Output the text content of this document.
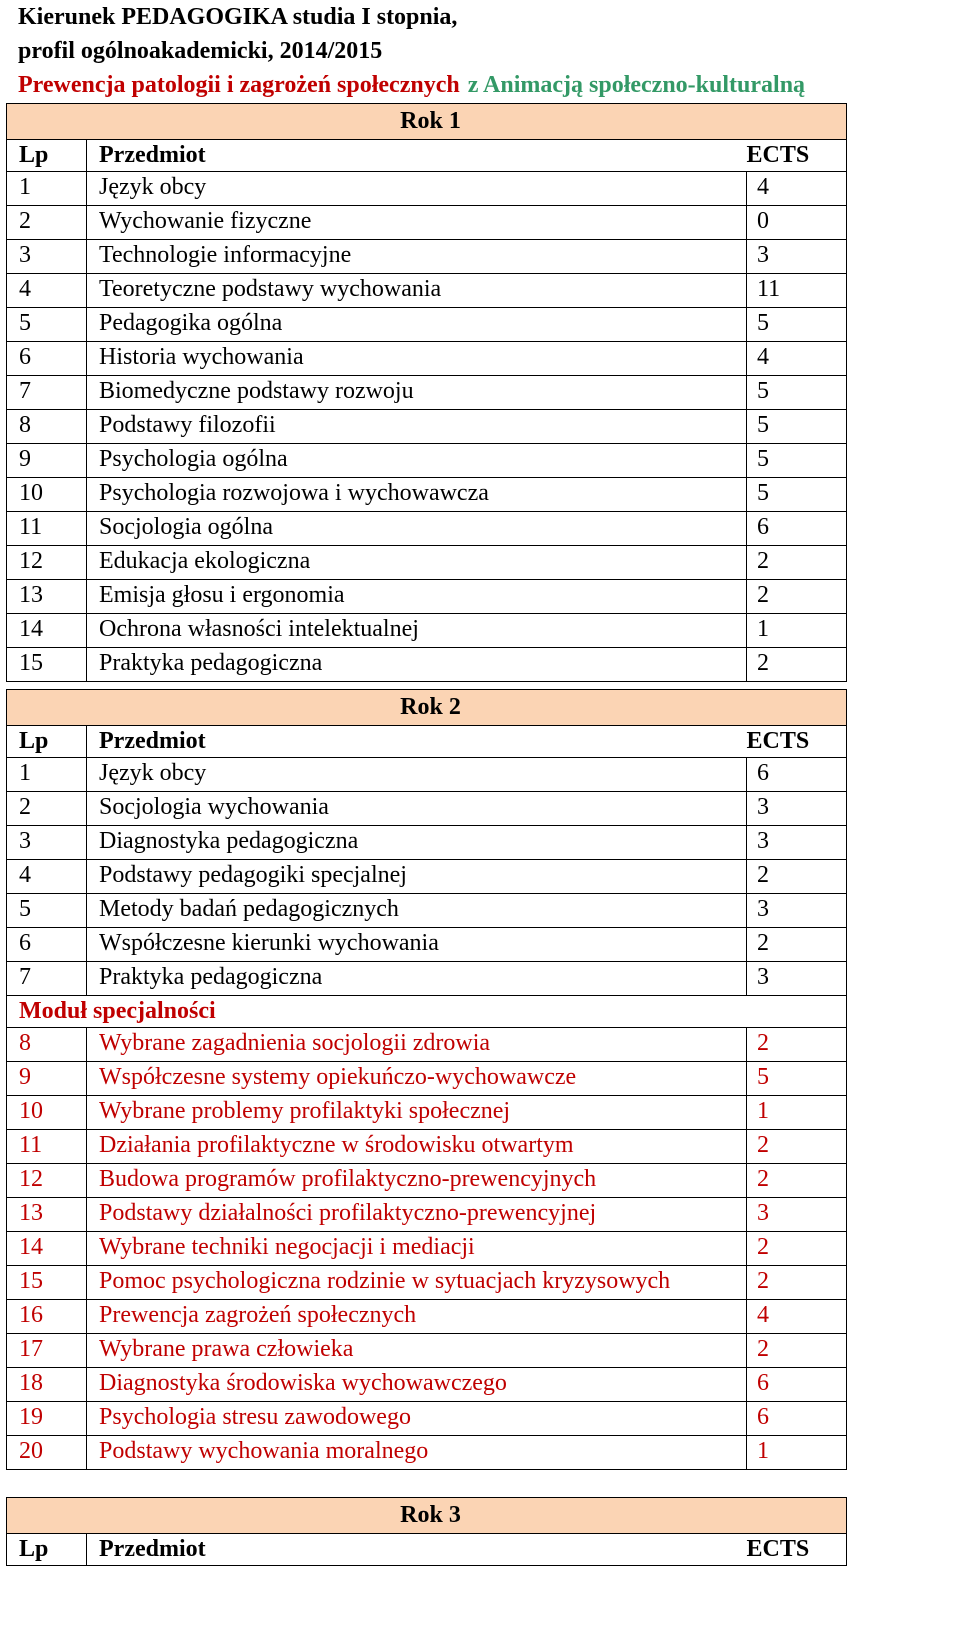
Kierunek PEDAGOGIKA studia I stopnia,
profil ogólnoakademicki, 2014/2015
Prewencja patologii i zagrożeń społecznych z Animacją społeczno-kulturalną
Rok 1		
Lp	Przedmiot	ECTS
1	Język obcy	4
2	Wychowanie fizyczne	0
3	Technologie informacyjne	3
4	Teoretyczne podstawy wychowania	11
5	Pedagogika ogólna	5
6	Historia wychowania	4
7	Biomedyczne podstawy rozwoju	5
8	Podstawy filozofii	5
9	Psychologia ogólna	5
10	Psychologia rozwojowa i wychowawcza	5
11	Socjologia ogólna	6
12	Edukacja ekologiczna	2
13	Emisja głosu i ergonomia	2
14	Ochrona własności intelektualnej	1
15	Praktyka pedagogiczna	2
Rok 2		
Lp	Przedmiot	ECTS
1	Język obcy	6
2	Socjologia wychowania	3
3	Diagnostyka pedagogiczna	3
4	Podstawy pedagogiki specjalnej	2
5	Metody badań pedagogicznych	3
6	Współczesne kierunki wychowania	2
7	Praktyka pedagogiczna	3
Moduł specjalności		
8	Wybrane zagadnienia socjologii zdrowia	2
9	Współczesne systemy opiekuńczo-wychowawcze	5
10	Wybrane problemy profilaktyki społecznej	1
11	Działania profilaktyczne w środowisku otwartym	2
12	Budowa programów profilaktyczno-prewencyjnych	2
13	Podstawy działalności profilaktyczno-prewencyjnej	3
14	Wybrane techniki negocjacji i mediacji	2
15	Pomoc psychologiczna rodzinie w sytuacjach kryzysowych	2
16	Prewencja zagrożeń społecznych	4
17	Wybrane prawa człowieka	2
18	Diagnostyka środowiska wychowawczego	6
19	Psychologia stresu zawodowego	6
20	Podstawy wychowania moralnego	1
Rok 3
Lp	Przedmiot	ECTS
